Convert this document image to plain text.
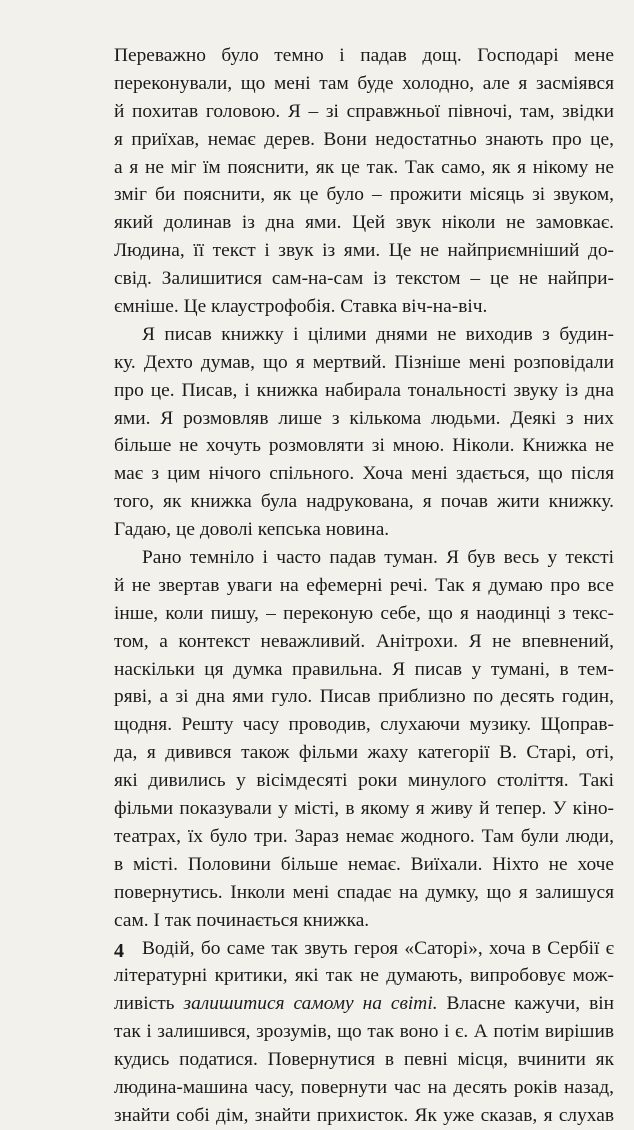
Переважно було темно і падав дощ. Господарі мене
переконували, що мені там буде холодно, але я засміявся
й похитав головою. Я – зі справжньої півночі, там, звідки
я приїхав, немає дерев. Вони недостатньо знають про це,
а я не міг їм пояснити, як це так. Так само, як я нікому не
зміг би пояснити, як це було – прожити місяць зі звуком,
який долинав із дна ями. Цей звук ніколи не замовкає.
Людина, її текст і звук із ями. Це не найприємніший до-
свід. Залишитися сам-на-сам із текстом – це не найпри-
ємніше. Це клаустрофобія. Ставка віч-на-віч.
Я писав книжку і цілими днями не виходив з будин-
ку. Дехто думав, що я мертвий. Пізніше мені розповідали
про це. Писав, і книжка набирала тональності звуку із дна
ями. Я розмовляв лише з кількома людьми. Деякі з них
більше не хочуть розмовляти зі мною. Ніколи. Книжка не
має з цим нічого спільного. Хоча мені здається, що після
того, як книжка була надрукована, я почав жити книжку.
Гадаю, це доволі кепська новина.
Рано темніло і часто падав туман. Я був весь у тексті
й не звертав уваги на ефемерні речі. Так я думаю про все
інше, коли пишу, – переконую себе, що я наодинці з текс-
том, а контекст неважливий. Анітрохи. Я не впевнений,
наскільки ця думка правильна. Я писав у тумані, в тем-
ряві, а зі дна ями гуло. Писав приблизно по десять годин,
щодня. Решту часу проводив, слухаючи музику. Щоправ-
да, я дивився також фільми жаху категорії В. Старі, оті,
які дивились у вісімдесяті роки минулого століття. Такі
фільми показували у місті, в якому я живу й тепер. У кіно-
театрах, їх було три. Зараз немає жодного. Там були люди,
в місті. Половини більше немає. Виїхали. Ніхто не хоче
повернутись. Інколи мені спадає на думку, що я залишуся
сам. І так починається книжка.
Водій, бо саме так звуть героя «Саторі», хоча в Сербії є
літературні критики, які так не думають, випробовує мож-
ливість залишитися самому на світі. Власне кажучи, він
так і залишився, зрозумів, що так воно і є. А потім вирішив
кудись податися. Повернутися в певні місця, вчинити як
людина-машина часу, повернути час на десять років назад,
знайти собі дім, знайти прихисток. Як уже сказав, я слухав
4
